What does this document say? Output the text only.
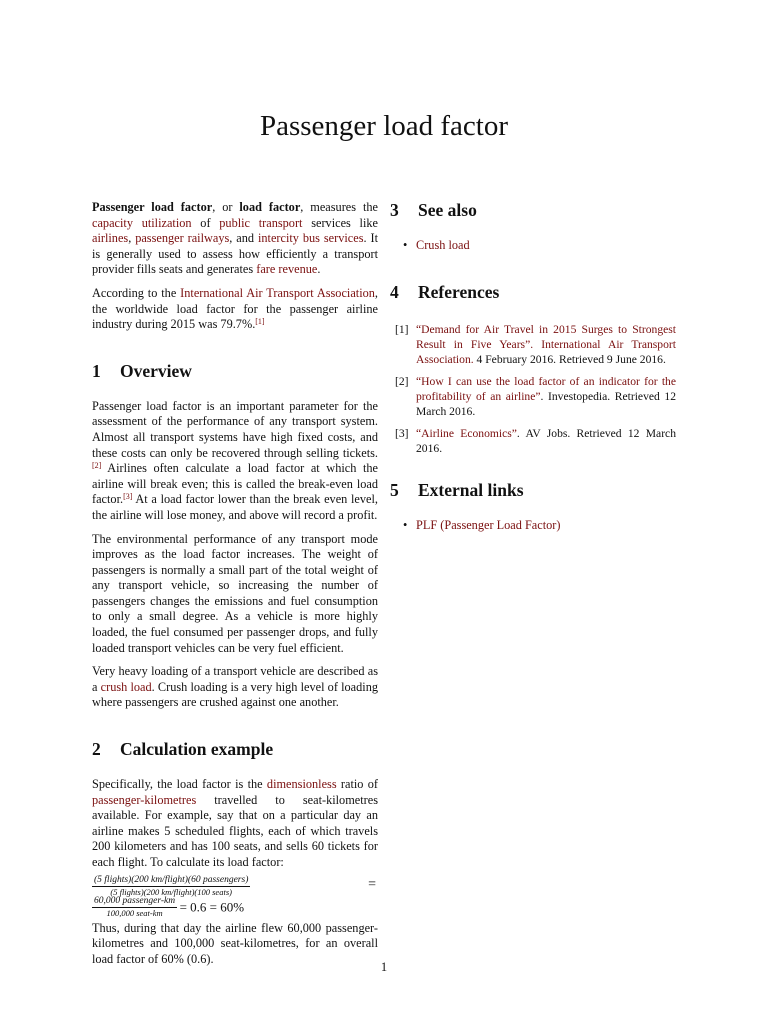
Passenger load factor

Passenger load factor, or load factor, measures the capacity utilization of public transport services like airlines, passenger railways, and intercity bus services. It is generally used to assess how efficiently a transport provider fills seats and generates fare revenue.

According to the International Air Transport Association, the worldwide load factor for the passenger airline industry during 2015 was 79.7%.[1]

1 Overview

Passenger load factor is an important parameter for the assessment of the performance of any transport system. Almost all transport systems have high fixed costs, and these costs can only be recovered through selling tickets.[2] Airlines often calculate a load factor at which the airline will break even; this is called the break-even load factor.[3] At a load factor lower than the break even level, the airline will lose money, and above will record a profit.

The environmental performance of any transport mode improves as the load factor increases. The weight of passengers is normally a small part of the total weight of any transport vehicle, so increasing the number of passengers changes the emissions and fuel consumption to only a small degree. As a vehicle is more highly loaded, the fuel consumed per passenger drops, and fully loaded transport vehicles can be very fuel efficient.

Very heavy loading of a transport vehicle are described as a crush load. Crush loading is a very high level of loading where passengers are crushed against one another.

2 Calculation example

Specifically, the load factor is the dimensionless ratio of passenger-kilometres travelled to seat-kilometres available. For example, say that on a particular day an airline makes 5 scheduled flights, each of which travels 200 kilometers and has 100 seats, and sells 60 tickets for each flight. To calculate its load factor:

$\frac{\text{(5 flights)(200 km/flight)(60 passengers)}}{\text{(5 flights)(200 km/flight)(100 seats)}}$	=
$\frac{\text{60,000 passenger-km}}{\text{100,000 seat-km}} = 0.6 = 60\%$

Thus, during that day the airline flew 60,000 passenger-kilometres and 100,000 seat-kilometres, for an overall load factor of 60% (0.6).

3 See also
• Crush load
4 References
[1] “Demand for Air Travel in 2015 Surges to Strongest Result in Five Years”. International Air Transport Association. 4 February 2016. Retrieved 9 June 2016.
[2] “How I can use the load factor of an indicator for the profitability of an airline”. Investopedia. Retrieved 12 March 2016.
[3] “Airline Economics”. AV Jobs. Retrieved 12 March 2016.
5 External links
• PLF (Passenger Load Factor)
1
